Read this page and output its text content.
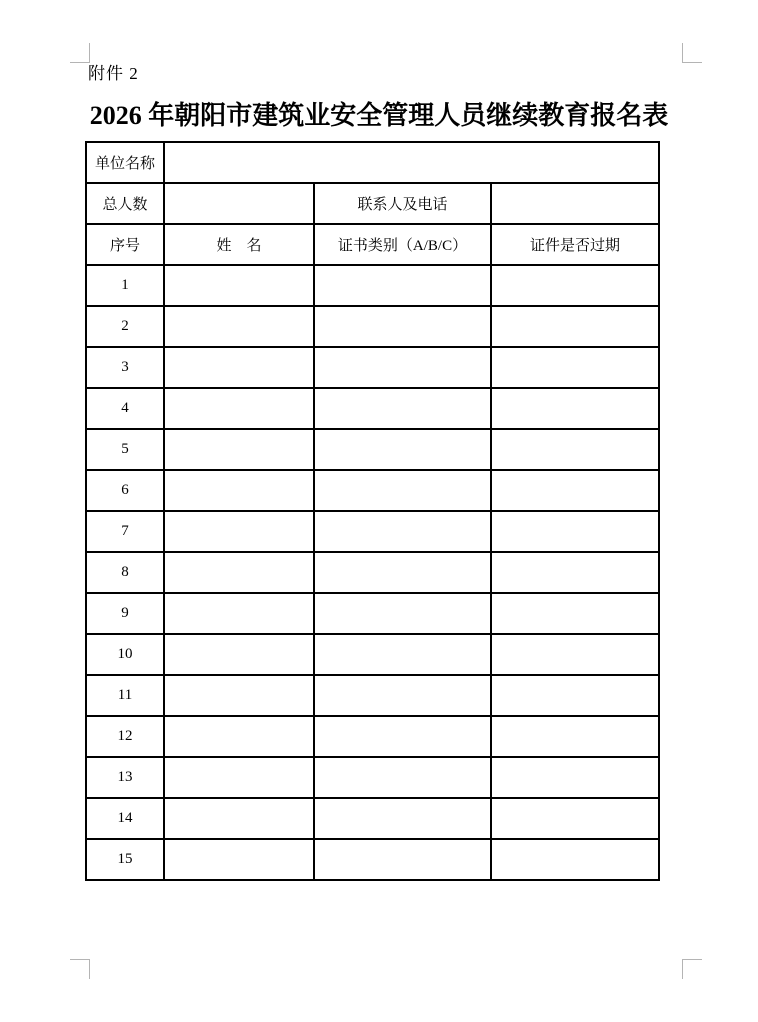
附件 2
2026 年朝阳市建筑业安全管理人员继续教育报名表
单位名称			
总人数		联系人及电话	
序号	姓　名	证书类别（A/B/C）	证件是否过期
1			
2			
3			
4			
5			
6			
7			
8			
9			
10			
11			
12			
13			
14			
15			
